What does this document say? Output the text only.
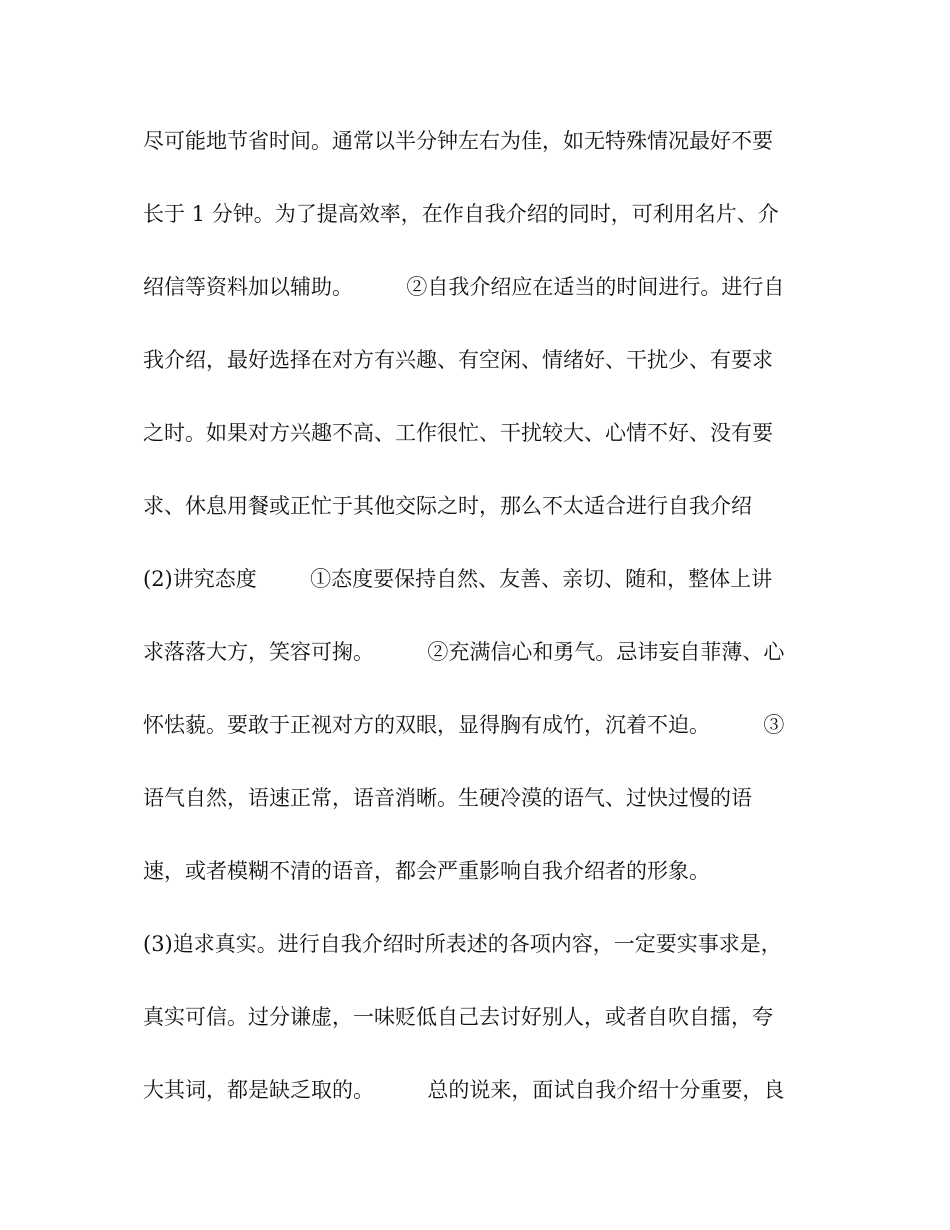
尽可能地节省时间。通常以半分钟左右为佳，如无特殊情况最好不要
长于 1 分钟。为了提高效率，在作自我介绍的同时，可利用名片、介
绍信等资料加以辅助。        ②自我介绍应在适当的时间进行。进行自
我介绍，最好选择在对方有兴趣、有空闲、情绪好、干扰少、有要求
之时。如果对方兴趣不高、工作很忙、干扰较大、心情不好、没有要
求、休息用餐或正忙于其他交际之时，那么不太适合进行自我介绍
(2)讲究态度        ①态度要保持自然、友善、亲切、随和，整体上讲
求落落大方，笑容可掬。        ②充满信心和勇气。忌讳妄自菲薄、心
怀怯藐。要敢于正视对方的双眼，显得胸有成竹，沉着不迫。        ③
语气自然，语速正常，语音消晰。生硬冷漠的语气、过快过慢的语
速，或者模糊不清的语音，都会严重影响自我介绍者的形象。
(3)追求真实。进行自我介绍时所表述的各项内容，一定要实事求是，
真实可信。过分谦虚，一味贬低自己去讨好别人，或者自吹自擂，夸
大其词，都是缺乏取的。        总的说来，面试自我介绍十分重要，良
